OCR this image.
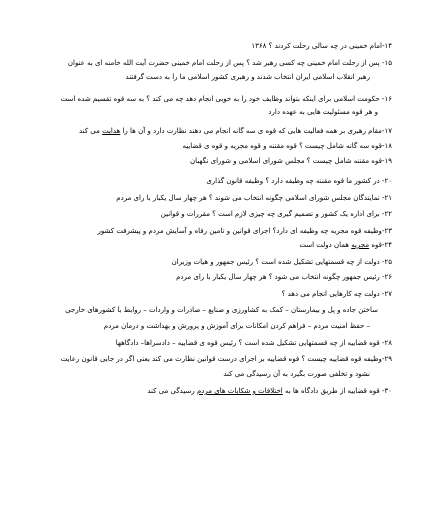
۱۴-امام خمینی در چه سالی رحلت کردند ؟ ۱۳۶۸
۱۵- پس از رحلت امام خمینی چه کسی رهبر شد ؟ پس از رحلت امام خمینی حضرت آیت الله خامنه ای به عنوان
رهبر انقلاب اسلامی ایران انتخاب شدند و رهبری کشور اسلامی ما را به دست گرفتند
۱۶- حکومت اسلامی برای اینکه بتواند وظایف خود را به خوبی انجام دهد چه می کند ؟ به سه قوه تقسیم شده است
و هر قوه مسئولیت هایی به عهده دارد
۱۷-مقام رهبری بر همه فعالیت هایی که قوه ی سه گانه انجام می دهند نظارت دارد و آن ها را هدایت می کند
۱۸-قوه سه گانه شامل چیست ؟ قوه مقننه و قوه مجریه و قوه ی قضاییه
۱۹-قوه مقننه شامل چیست ؟ مجلس شورای اسلامی و شورای نگهبان
۲۰- در کشور ما قوه مقننه چه وظیفه دارد ؟ وظیفه قانون گذاری
۲۱- نمایندگان مجلس شورای اسلامی چگونه انتخاب می شوند ؟ هر چهار سال یکبار با رای مردم
۲۲- برای اداره یک کشور و تصمیم گیری چه چیزی لازم است ؟ مقررات و قوانین
۲۳-وظیفه قوه مجریه چه وظیفه ای دارد؟ اجرای قوانین و تامین رفاه و آسایش مردم و پیشرفت کشور
۲۴-قوه مجریه همان دولت است
۲۵- دولت از چه قسمتهایی تشکیل شده است ؟ رئیس جمهور و هیات وزیران
۲۶- رئیس جمهور چگونه انتخاب می شود ؟ هر چهار سال یکبار با رای مردم
۲۷- دولت چه کارهایی انجام می دهد ؟
ساختن جاده و پل و بیمارستان – کمک به کشاورزی و صنایع – صادرات و واردات – روابط با کشورهای خارجی
– حفظ امنیت مردم – فراهم کردن امکانات برای آموزش و پرورش و بهداشت و درمان مردم
۲۸- قوه قضاییه از چه قسمتهایی تشکیل شده است ؟ رئیس قوه ی قضاییه – دادسراها– دادگاهها
۲۹-وظیفه قوه قضاییه چیست ؟ قوه قضاییه بر اجرای درست قوانین نظارت می کند یعنی اگر در جایی قانون رعایت
نشود و تخلفی صورت بگیرد به آن رسیدگی می کند
۳۰- قوه قضاییه از طریق دادگاه ها به اختلافات و شکایات های مردم رسیدگی می کند
